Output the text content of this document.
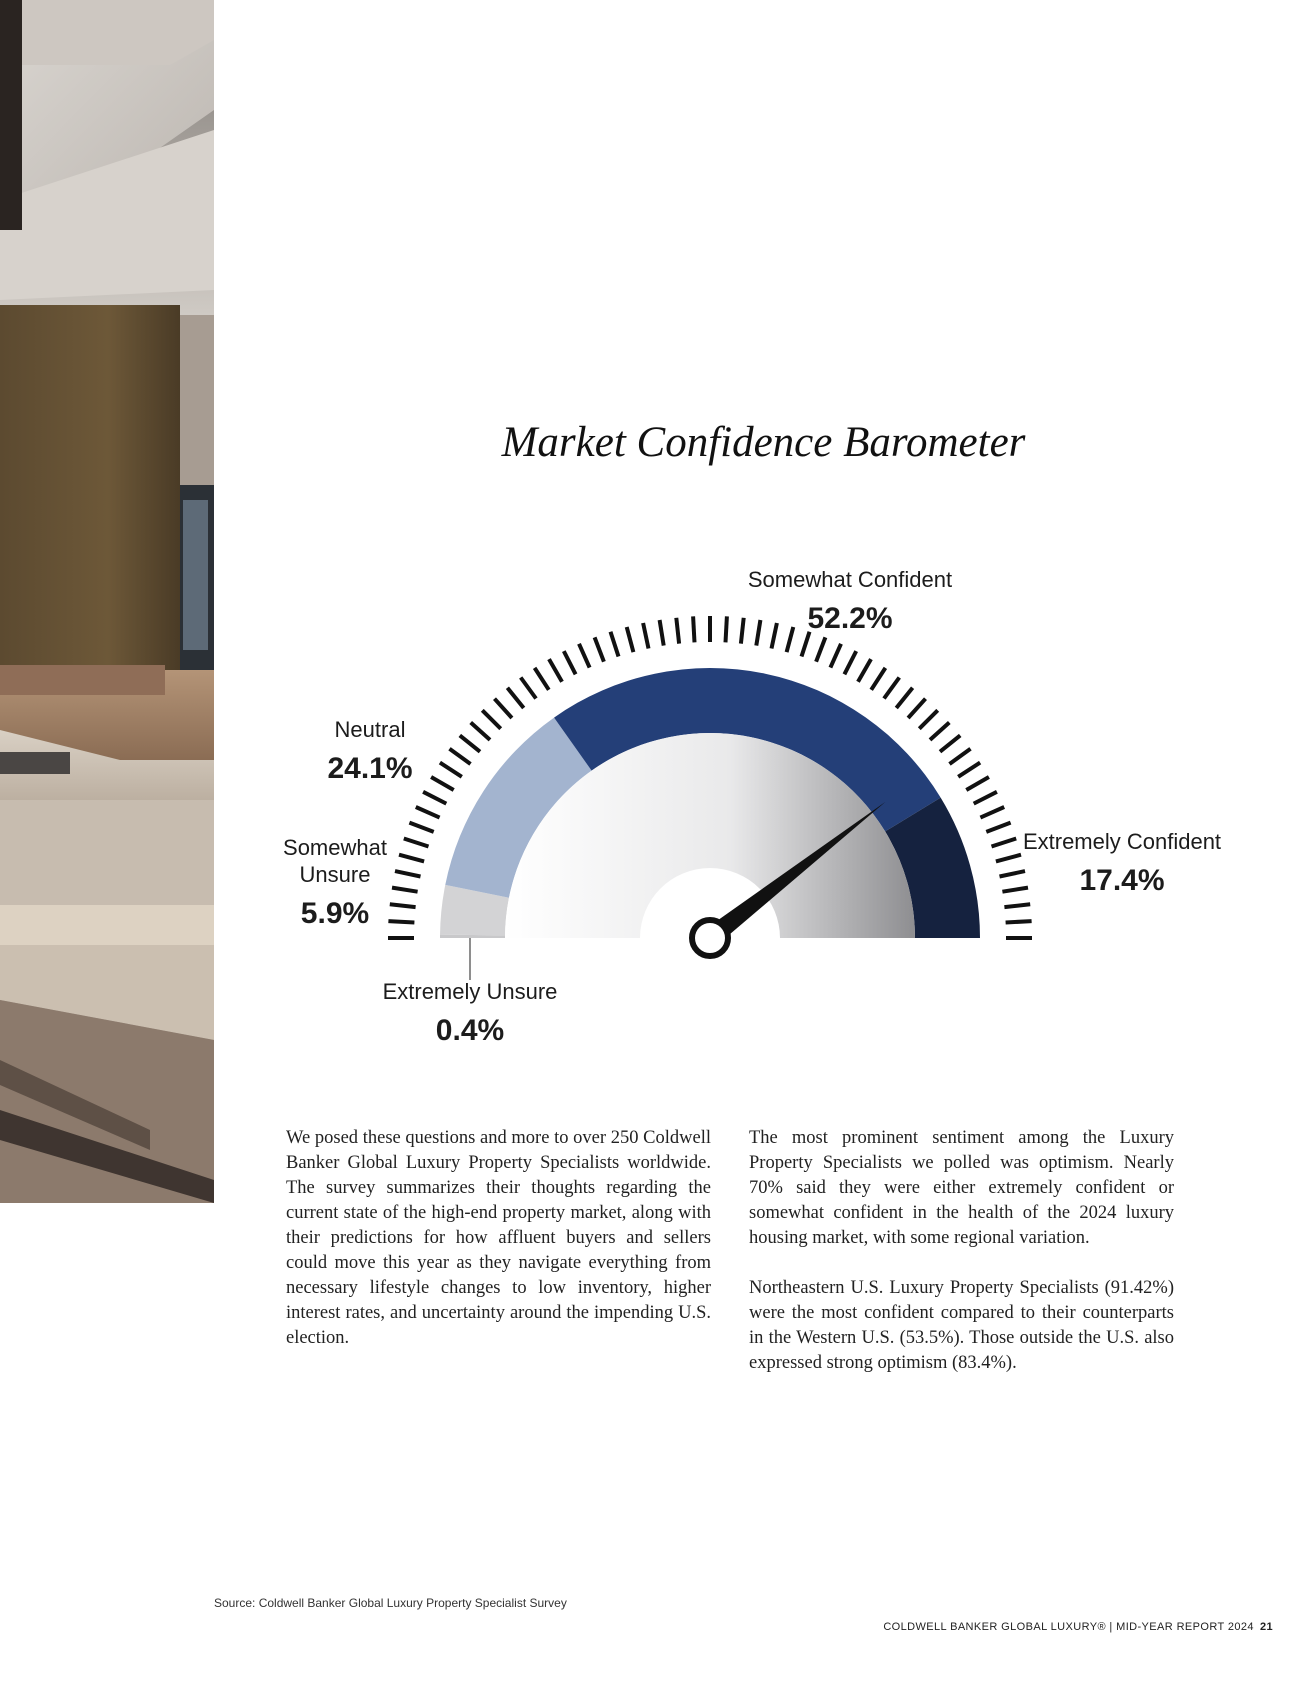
Market Confidence Barometer
Somewhat Confident
52.2%
Neutral
24.1%
Somewhat
Unsure
5.9%
Extremely Unsure
0.4%
Extremely Confident
17.4%

We posed these questions and more to over 250 Coldwell Banker Global Luxury Property Specialists worldwide. The survey summarizes their thoughts regarding the current state of the high-end property market, along with their predictions for how affluent buyers and sellers could move this year as they navigate everything from necessary lifestyle changes to low inventory, higher interest rates, and uncertainty around the impending U.S. election.

The most prominent sentiment among the Luxury Property Specialists we polled was optimism. Nearly 70% said they were either extremely confident or somewhat confident in the health of the 2024 luxury housing market, with some regional variation.

Northeastern U.S. Luxury Property Specialists (91.42%) were the most confident compared to their counterparts in the Western U.S. (53.5%). Those outside the U.S. also expressed strong optimism (83.4%).

Source: Coldwell Banker Global Luxury Property Specialist Survey
COLDWELL BANKER GLOBAL LUXURY® | MID-YEAR REPORT 2024 21
